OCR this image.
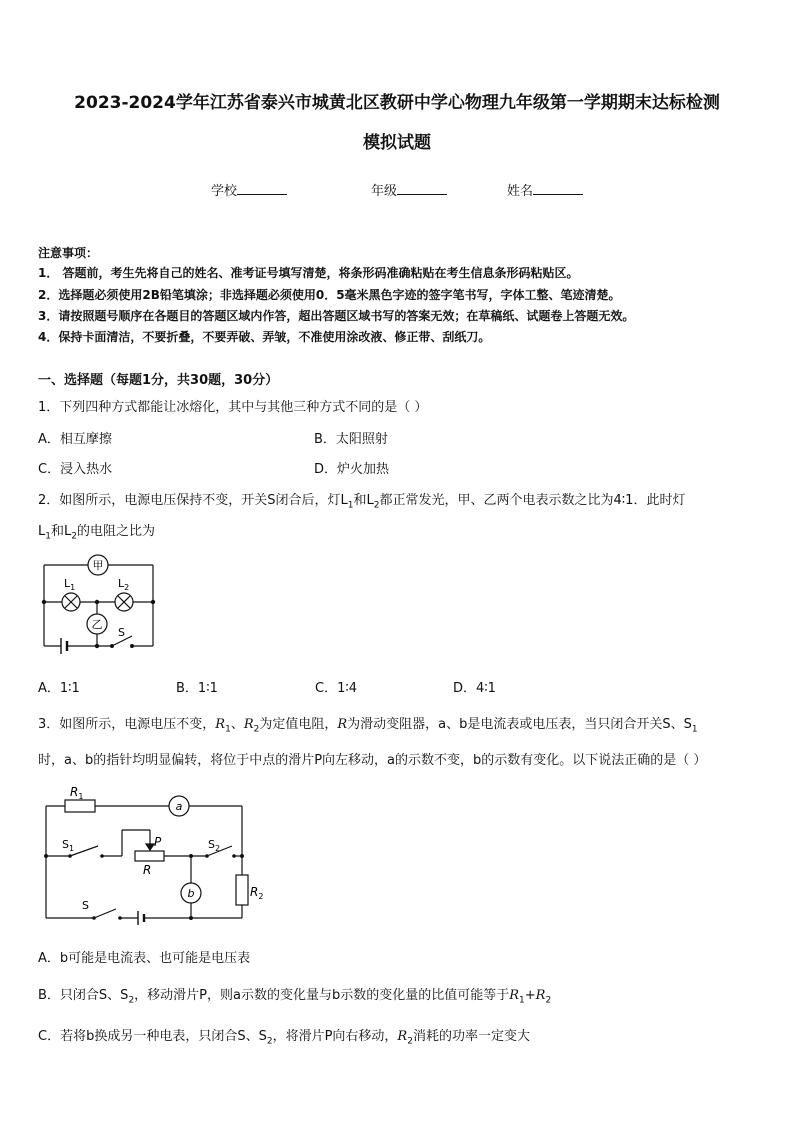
2023-2024学年江苏省泰兴市城黄北区教研中学心物理九年级第一学期期末达标检测

模拟试题

学校	年级	姓名

注意事项：

1． 答题前，考生先将自己的姓名、准考证号填写清楚，将条形码准确粘贴在考生信息条形码粘贴区。

2．选择题必须使用2B铅笔填涂；非选择题必须使用0．5毫米黑色字迹的签字笔书写，字体工整、笔迹清楚。

3．请按照题号顺序在各题目的答题区域内作答，超出答题区域书写的答案无效；在草稿纸、试题卷上答题无效。

4．保持卡面清洁，不要折叠，不要弄破、弄皱，不准使用涂改液、修正带、刮纸刀。

一、选择题（每题1分，共30题，30分）

1．下列四种方式都能让冰熔化，其中与其他三种方式不同的是（ ）

A．相互摩擦	B．太阳照射

C．浸入热水	D．炉火加热

2．如图所示，电源电压保持不变，开关S闭合后，灯$L_1$和$L_2$都正常发光，甲、乙两个电表示数之比为4∶1．此时灯

$L_1$和$L_2$的电阻之比为

甲
乙
$L_1$	$L_2$
S

A．1∶1	B．1∶1	C．1∶4	D．4∶1

3．如图所示，电源电压不变，$R_1$、$R_2$为定值电阻，R为滑动变阻器，a、b是电流表或电压表，当只闭合开关S、$S_1$

时，a、b的指针均明显偏转，将位于中点的滑片P向左移动，a的示数不变，b的示数有变化。以下说法正确的是（ ）

$R_1$
a
b
$S_1$	$S_2$
P
R
$R_2$
S

A．b可能是电流表、也可能是电压表

B．只闭合S、$S_2$，移动滑片P，则a示数的变化量与b示数的变化量的比值可能等于$R_1+R_2$

C．若将b换成另一种电表，只闭合S、$S_2$，将滑片P向右移动，$R_2$消耗的功率一定变大
